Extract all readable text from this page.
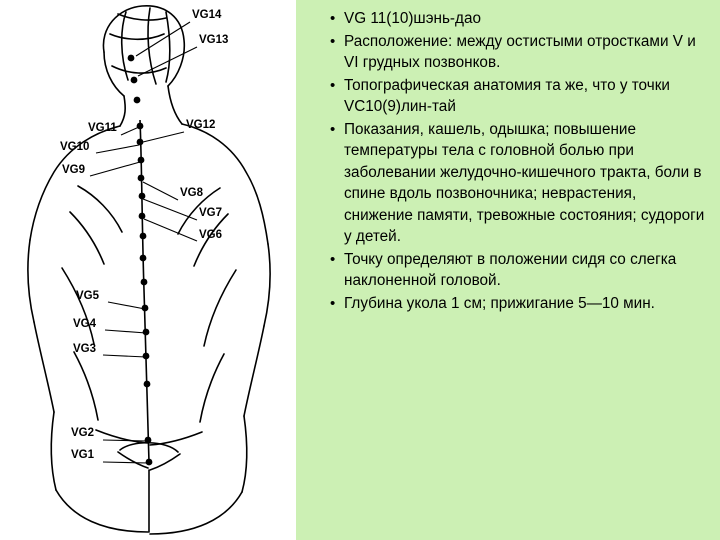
VG14
VG13
VG12
VG11
VG10
VG9
VG8
VG7
VG6
VG5
VG4
VG3
VG2
VG1
• VG 11(10)шэнь-дао
• Расположение: между остистыми отростками V и VI грудных позвонков.
• Топографическая анатомия та же, что у точки VC10(9)лин-тай
• Показания, кашель, одышка; повышение температуры тела с головной болью при заболевании желудочно-кишечного тракта, боли в спине вдоль позвоночника; неврастения, снижение памяти, тревожные состояния; судороги у детей.
• Точку определяют в положении сидя со слегка наклоненной головой.
• Глубина укола 1 см; прижигание 5—10 мин.
